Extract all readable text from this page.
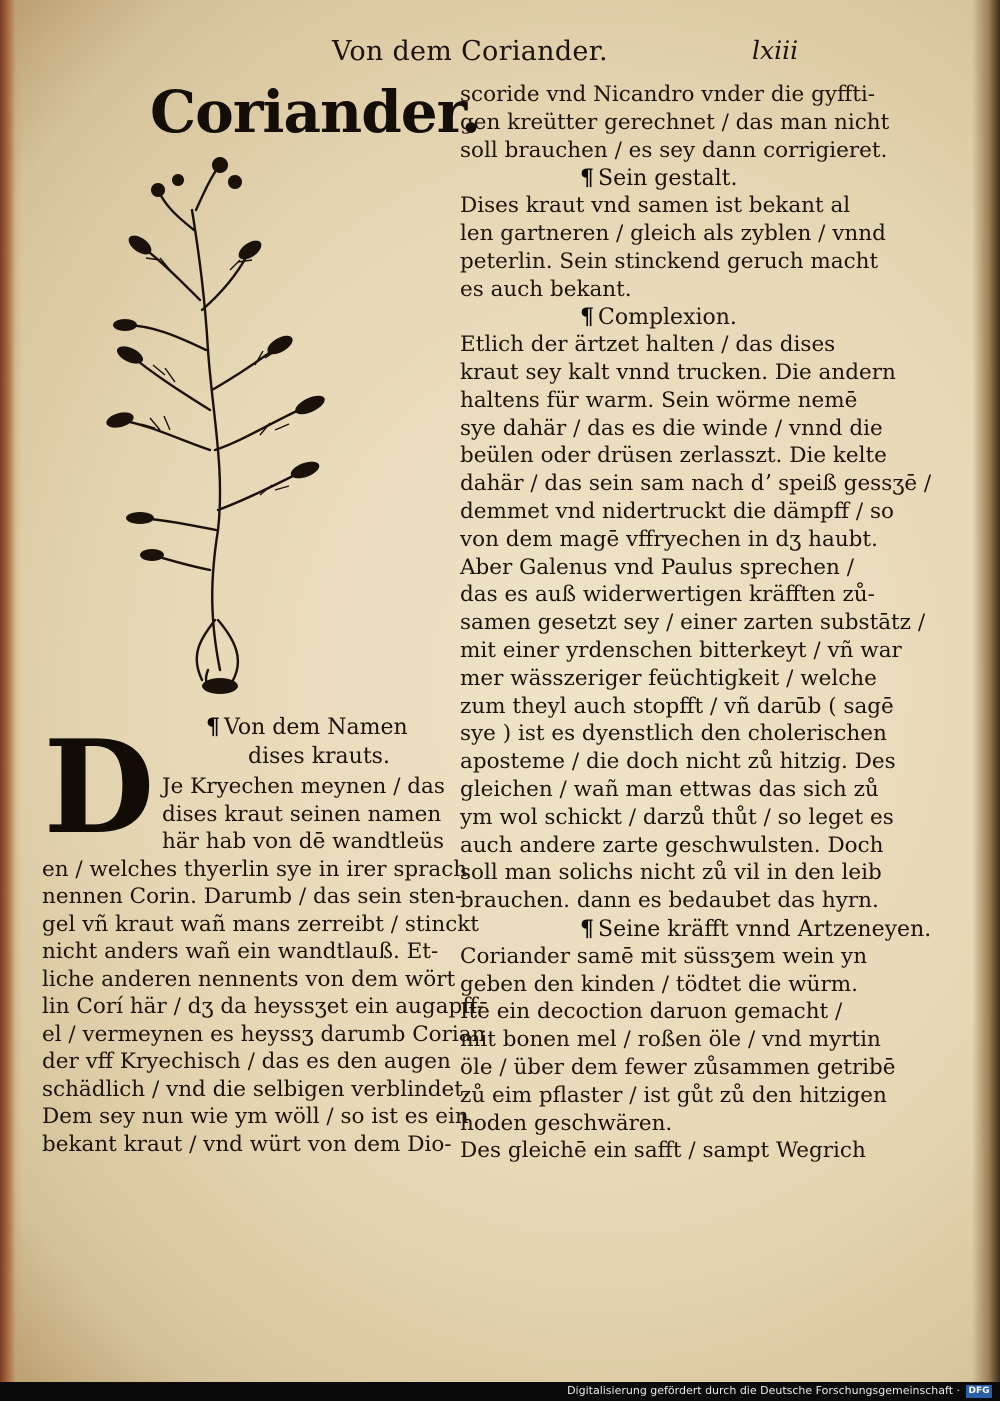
Von dem Coriander.	lxiii
Coriander.
scoride vnd Nicandro vnder die gyffti-
gen kreütter gerechnet / das man nicht
soll brauchen / es sey dann corrigieret.
¶ Sein gestalt.
Dises kraut vnd samen ist bekant al
len gartneren / gleich als zyblen / vnnd
peterlin. Sein stinckend geruch macht
es auch bekant.
¶ Complexion.
Etlich der ärtzet halten / das dises
kraut sey kalt vnnd trucken. Die andern
haltens für warm. Sein wörme nemē
sye dahär / das es die winde / vnnd die
beülen oder drüsen zerlasszt. Die kelte
dahär / das sein sam nach dʼ speiß gessʒē /
demmet vnd nidertruckt die dämpff / so
von dem magē vffryechen in dʒ haubt.
Aber Galenus vnd Paulus sprechen /
das es auß widerwertigen kräfften zů-
samen gesetzt sey / einer zarten substātz /
mit einer yrdenschen bitterkeyt / vñ war
mer wässzeriger feüchtigkeit / welche
zum theyl auch stopfft / vñ darūb ( sagē
sye ) ist es dyenstlich den cholerischen
aposteme / die doch nicht zů hitzig. Des
gleichen / wañ man ettwas das sich zů
ym wol schickt / darzů thůt / so leget es
auch andere zarte geschwulsten. Doch
soll man solichs nicht zů vil in den leib
brauchen. dann es bedaubet das hyrn.
¶ Seine kräfft vnnd Artzeneyen.
Coriander samē mit süssʒem wein yn
geben den kinden / tödtet die würm.
Itē ein decoction daruon gemacht /
mit bonen mel / roßen öle / vnd myrtin
öle / über dem fewer zůsammen getribē
zů eim pflaster / ist gůt zů den hitzigen
hoden geschwären.
Des gleichē ein safft / sampt Wegrich
¶ Von dem Namen
dises krauts.
D Je Kryechen meynen / das
dises kraut seinen namen
här hab von dē wandtleüs
en / welches thyerlin sye in irer sprach
nennen Corin. Darumb / das sein sten-
gel vñ kraut wañ mans zerreibt / stinckt
nicht anders wañ ein wandtlauß. Et-
liche anderen nennents von dem wört
lin Corí här / dʒ da heyssʒet ein augapff-
el / vermeynen es heyssʒ darumb Corian
der vff Kryechisch / das es den augen
schädlich / vnd die selbigen verblindet.
Dem sey nun wie ym wöll / so ist es ein
bekant kraut / vnd würt von dem Dio-
Digitalisierung gefördert durch die Deutsche Forschungsgemeinschaft · DFG
